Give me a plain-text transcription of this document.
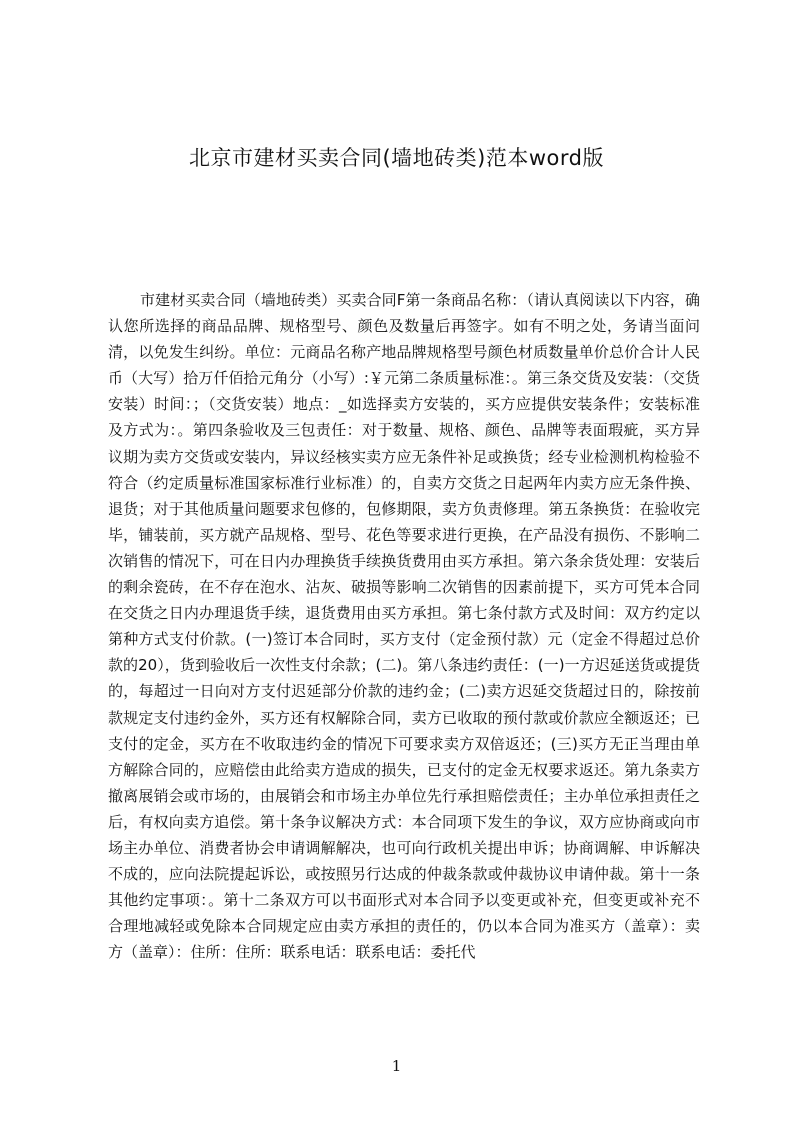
北京市建材买卖合同(墙地砖类)范本word版

市建材买卖合同（墙地砖类）买卖合同F第一条商品名称：（请认真阅读以下内容，确认您所选择的商品品牌、规格型号、颜色及数量后再签字。如有不明之处，务请当面问清，以免发生纠纷。单位：元商品名称产地品牌规格型号颜色材质数量单价总价合计人民币（大写）拾万仟佰拾元角分（小写）:￥元第二条质量标准：。第三条交货及安装：（交货安装）时间：；（交货安装）地点：_如选择卖方安装的，买方应提供安装条件；安装标准及方式为：。第四条验收及三包责任：对于数量、规格、颜色、品牌等表面瑕疵，买方异议期为卖方交货或安装内，异议经核实卖方应无条件补足或换货；经专业检测机构检验不符合（约定质量标准国家标准行业标准）的，自卖方交货之日起两年内卖方应无条件换、退货；对于其他质量问题要求包修的，包修期限，卖方负责修理。第五条换货：在验收完毕，铺装前，买方就产品规格、型号、花色等要求进行更换，在产品没有损伤、不影响二次销售的情况下，可在日内办理换货手续换货费用由买方承担。第六条余货处理：安装后的剩余瓷砖，在不存在泡水、沾灰、破损等影响二次销售的因素前提下，买方可凭本合同在交货之日内办理退货手续，退货费用由买方承担。第七条付款方式及时间：双方约定以第种方式支付价款。(一)签订本合同时，买方支付（定金预付款）元（定金不得超过总价款的20），货到验收后一次性支付余款；(二)。第八条违约责任：(一)一方迟延送货或提货的，每超过一日向对方支付迟延部分价款的违约金；(二)卖方迟延交货超过日的，除按前款规定支付违约金外，买方还有权解除合同，卖方已收取的预付款或价款应全额返还；已支付的定金，买方在不收取违约金的情况下可要求卖方双倍返还；(三)买方无正当理由单方解除合同的，应赔偿由此给卖方造成的损失，已支付的定金无权要求返还。第九条卖方撤离展销会或市场的，由展销会和市场主办单位先行承担赔偿责任；主办单位承担责任之后，有权向卖方追偿。第十条争议解决方式：本合同项下发生的争议，双方应协商或向市场主办单位、消费者协会申请调解解决，也可向行政机关提出申诉；协商调解、申诉解决不成的，应向法院提起诉讼，或按照另行达成的仲裁条款或仲裁协议申请仲裁。第十一条其他约定事项：。第十二条双方可以书面形式对本合同予以变更或补充，但变更或补充不合理地减轻或免除本合同规定应由卖方承担的责任的，仍以本合同为准买方（盖章）：卖方（盖章）：住所：住所：联系电话：联系电话：委托代

1
